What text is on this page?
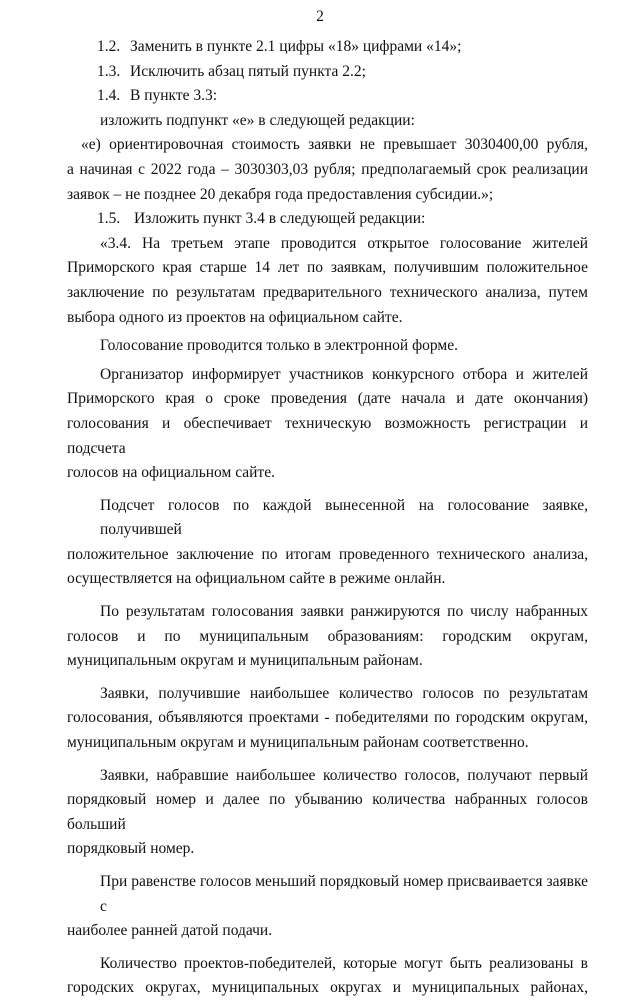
2
1.2. Заменить в пункте 2.1 цифры «18» цифрами «14»;
1.3. Исключить абзац пятый пункта 2.2;
1.4. В пункте 3.3:

изложить подпункт «е» в следующей редакции:

«е) ориентировочная стоимость заявки не превышает 3030400,00 рубля,
а начиная с 2022 года – 3030303,03 рубля; предполагаемый срок реализации
заявок – не позднее 20 декабря года предоставления субсидии.»;
1.5. Изложить пункт 3.4 в следующей редакции:
«3.4. На третьем этапе проводится открытое голосование жителей
Приморского края старше 14 лет по заявкам, получившим положительное
заключение по результатам предварительного технического анализа, путем
выбора одного из проектов на официальном сайте.
Голосование проводится только в электронной форме.
Организатор информирует участников конкурсного отбора и жителей
Приморского края о сроке проведения (дате начала и дате окончания)
голосования и обеспечивает техническую возможность регистрации и подсчета
голосов на официальном сайте.
Подсчет голосов по каждой вынесенной на голосование заявке, получившей
положительное заключение по итогам проведенного технического анализа,
осуществляется на официальном сайте в режиме онлайн.
По результатам голосования заявки ранжируются по числу набранных
голосов и по муниципальным образованиям: городским округам,
муниципальным округам и муниципальным районам.
Заявки, получившие наибольшее количество голосов по результатам
голосования, объявляются проектами - победителями по городским округам,
муниципальным округам и муниципальным районам соответственно.
Заявки, набравшие наибольшее количество голосов, получают первый
порядковый номер и далее по убыванию количества набранных голосов больший
порядковый номер.
При равенстве голосов меньший порядковый номер присваивается заявке с
наиболее ранней датой подачи.
Количество проектов-победителей, которые могут быть реализованы в
городских округах, муниципальных округах и муниципальных районах,
